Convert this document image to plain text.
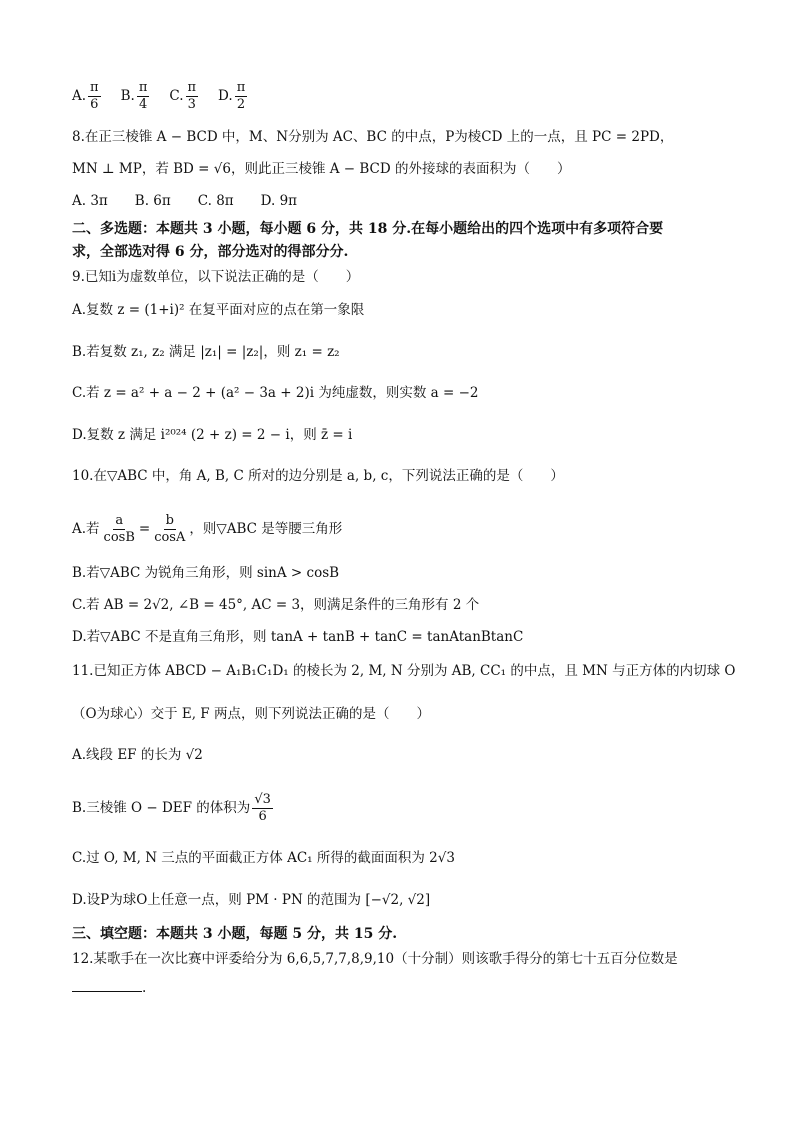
A. $\frac{\pi}{6} B$. $\frac{\pi}{4} C$. $\frac{\pi}{3} D$. $\frac{\pi}{2}$
8.在正三棱锥 A − BCD 中，M、N分别为 AC、BC 的中点，P为棱CD 上的一点，且 PC = 2PD，
MN ⊥ MP，若 BD = √6，则此正三棱锥 A − BCD 的外接球的表面积为（　　）
A. 3π　　B. 6π　　C. 8π　　D. 9π
二、多选题：本题共 3 小题，每小题 6 分，共 18 分.在每小题给出的四个选项中有多项符合要
求，全部选对得 6 分，部分选对的得部分分.
9.已知i为虚数单位，以下说法正确的是（　　）
A.复数 z = (1+i)² 在复平面对应的点在第一象限
B.若复数 z₁, z₂ 满足 |z₁| = |z₂|，则 z₁ = z₂
C.若 z = a² + a − 2 + (a² − 3a + 2)i 为纯虚数，则实数 a = −2
D.复数 z 满足 i²⁰²⁴ (2 + z) = 2 − i，则 z̄ = i
10.在▽ABC 中，角 A, B, C 所对的边分别是 a, b, c，下列说法正确的是（　　）
A.若 $\frac{a}{\cos B} = \frac{b}{\cos A}$ ，则▽ABC 是等腰三角形
B.若▽ABC 为锐角三角形，则 sinA > cosB
C.若 AB = 2√2, ∠B = 45°, AC = 3，则满足条件的三角形有 2 个
D.若▽ABC 不是直角三角形，则 tanA + tanB + tanC = tanAtanBtanC
11.已知正方体 ABCD − A₁B₁C₁D₁ 的棱长为 2, M, N 分别为 AB, CC₁ 的中点，且 MN 与正方体的内切球 O
（O为球心）交于 E, F 两点，则下列说法正确的是（　　）
A.线段 EF 的长为 √2
B.三棱锥 O − DEF 的体积为 $\frac{√3}{6}$
C.过 O, M, N 三点的平面截正方体 AC₁ 所得的截面面积为 2√3
D.设P为球O上任意一点，则 PM · PN 的范围为 [−√2, √2]
三、填空题：本题共 3 小题，每题 5 分，共 15 分.
12.某歌手在一次比赛中评委给分为 6,6,5,7,7,8,9,10（十分制）则该歌手得分的第七十五百分位数是
.
